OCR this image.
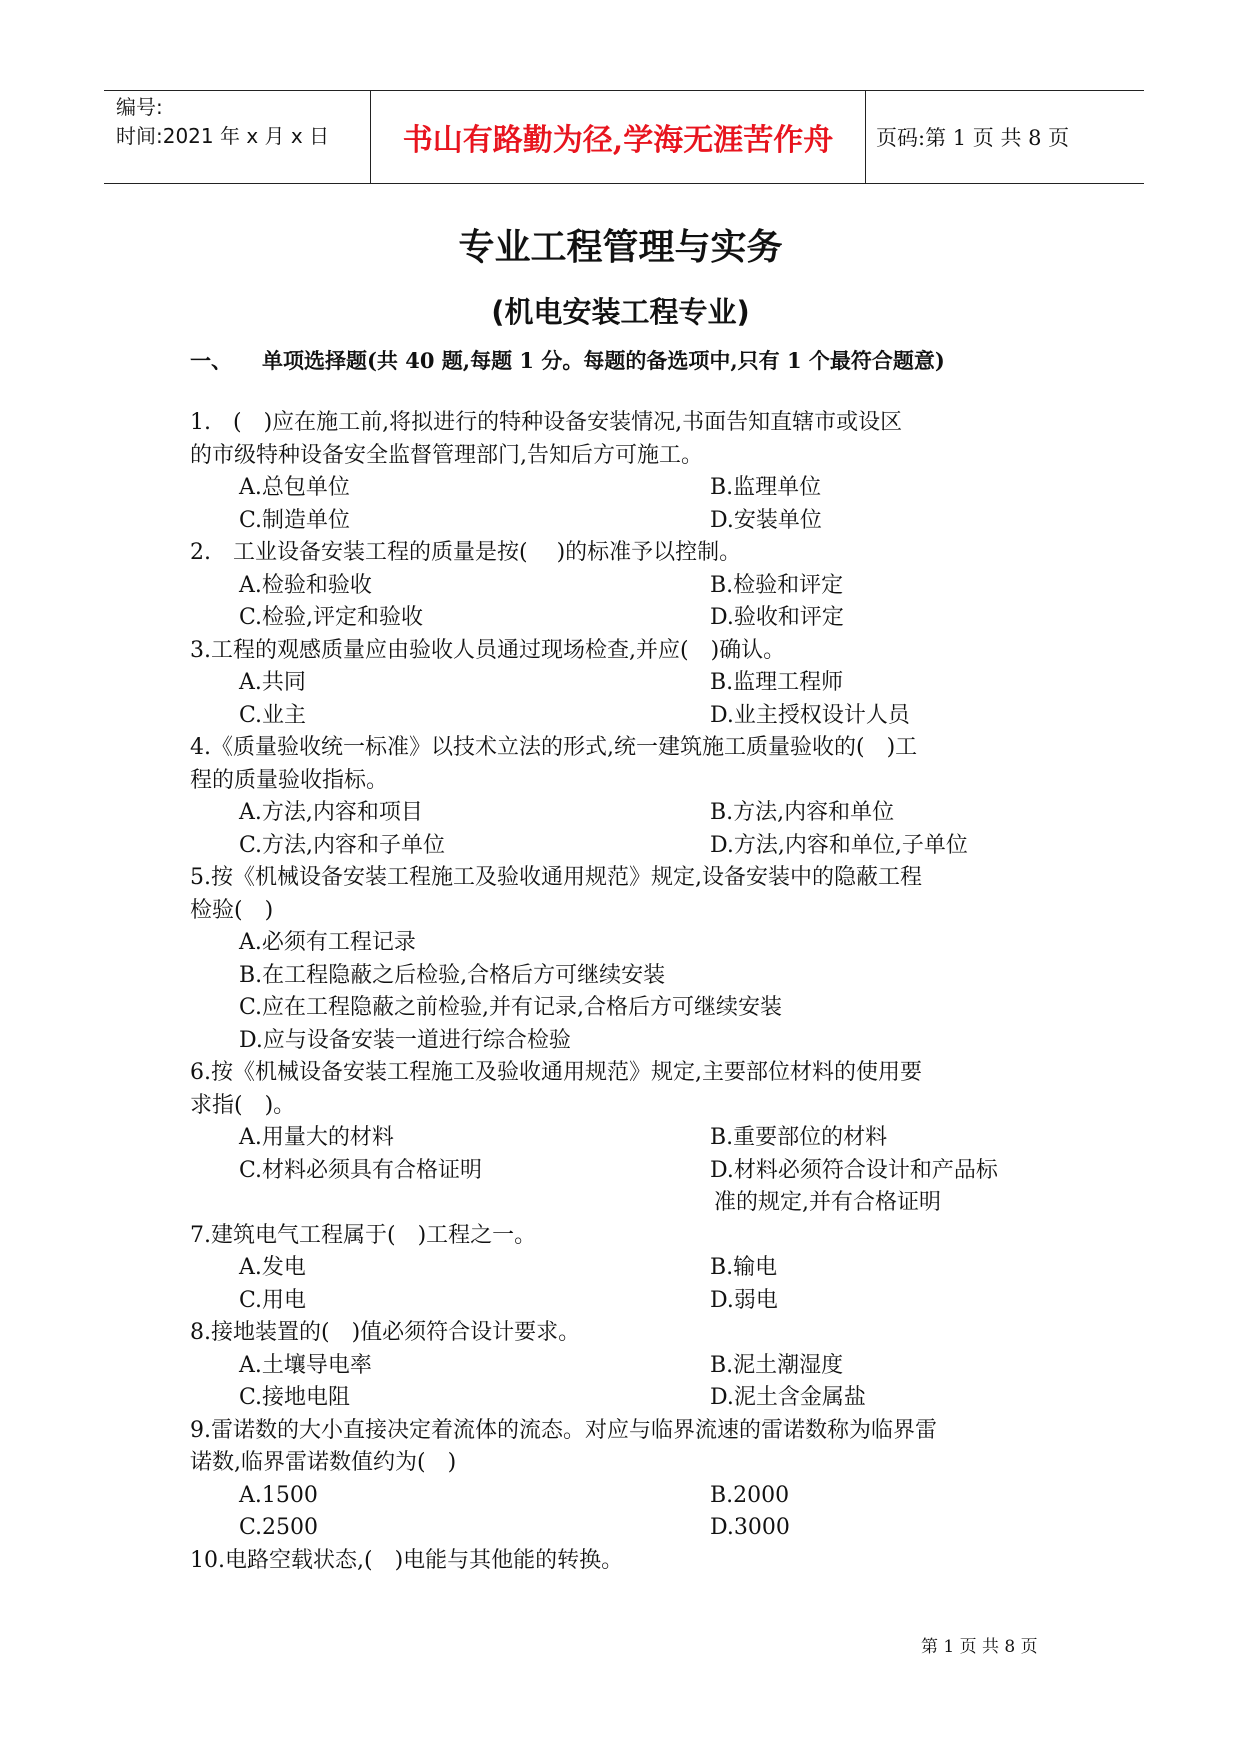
编号:
时间:2021 年 x 月 x 日	书山有路勤为径,学海无涯苦作舟	页码:第 1 页 共 8 页
专业工程管理与实务
(机电安装工程专业)
一、 单项选择题(共 40 题,每题 1 分。每题的备选项中,只有 1 个最符合题意)
1.　(　)应在施工前,将拟进行的特种设备安装情况,书面告知直辖市或设区
的市级特种设备安全监督管理部门,告知后方可施工。
A.总包单位	B.监理单位
C.制造单位	D.安装单位
2.　工业设备安装工程的质量是按(　 )的标准予以控制。
A.检验和验收	B.检验和评定
C.检验,评定和验收	D.验收和评定
3.工程的观感质量应由验收人员通过现场检查,并应(　)确认。
A.共同	B.监理工程师
C.业主	D.业主授权设计人员
4.《质量验收统一标准》以技术立法的形式,统一建筑施工质量验收的(　)工
程的质量验收指标。
A.方法,内容和项目	B.方法,内容和单位
C.方法,内容和子单位	D.方法,内容和单位,子单位
5.按《机械设备安装工程施工及验收通用规范》规定,设备安装中的隐蔽工程
检验(　)
A.必须有工程记录
B.在工程隐蔽之后检验,合格后方可继续安装
C.应在工程隐蔽之前检验,并有记录,合格后方可继续安装
D.应与设备安装一道进行综合检验
6.按《机械设备安装工程施工及验收通用规范》规定,主要部位材料的使用要
求指(　)。
A.用量大的材料	B.重要部位的材料
C.材料必须具有合格证明	D.材料必须符合设计和产品标
准的规定,并有合格证明
7.建筑电气工程属于(　)工程之一。
A.发电	B.输电
C.用电	D.弱电
8.接地装置的(　)值必须符合设计要求。
A.土壤导电率	B.泥土潮湿度
C.接地电阻	D.泥土含金属盐
9.雷诺数的大小直接决定着流体的流态。对应与临界流速的雷诺数称为临界雷
诺数,临界雷诺数值约为(　)
A.1500	B.2000
C.2500	D.3000
10.电路空载状态,(　)电能与其他能的转换。
第 1 页 共 8 页
